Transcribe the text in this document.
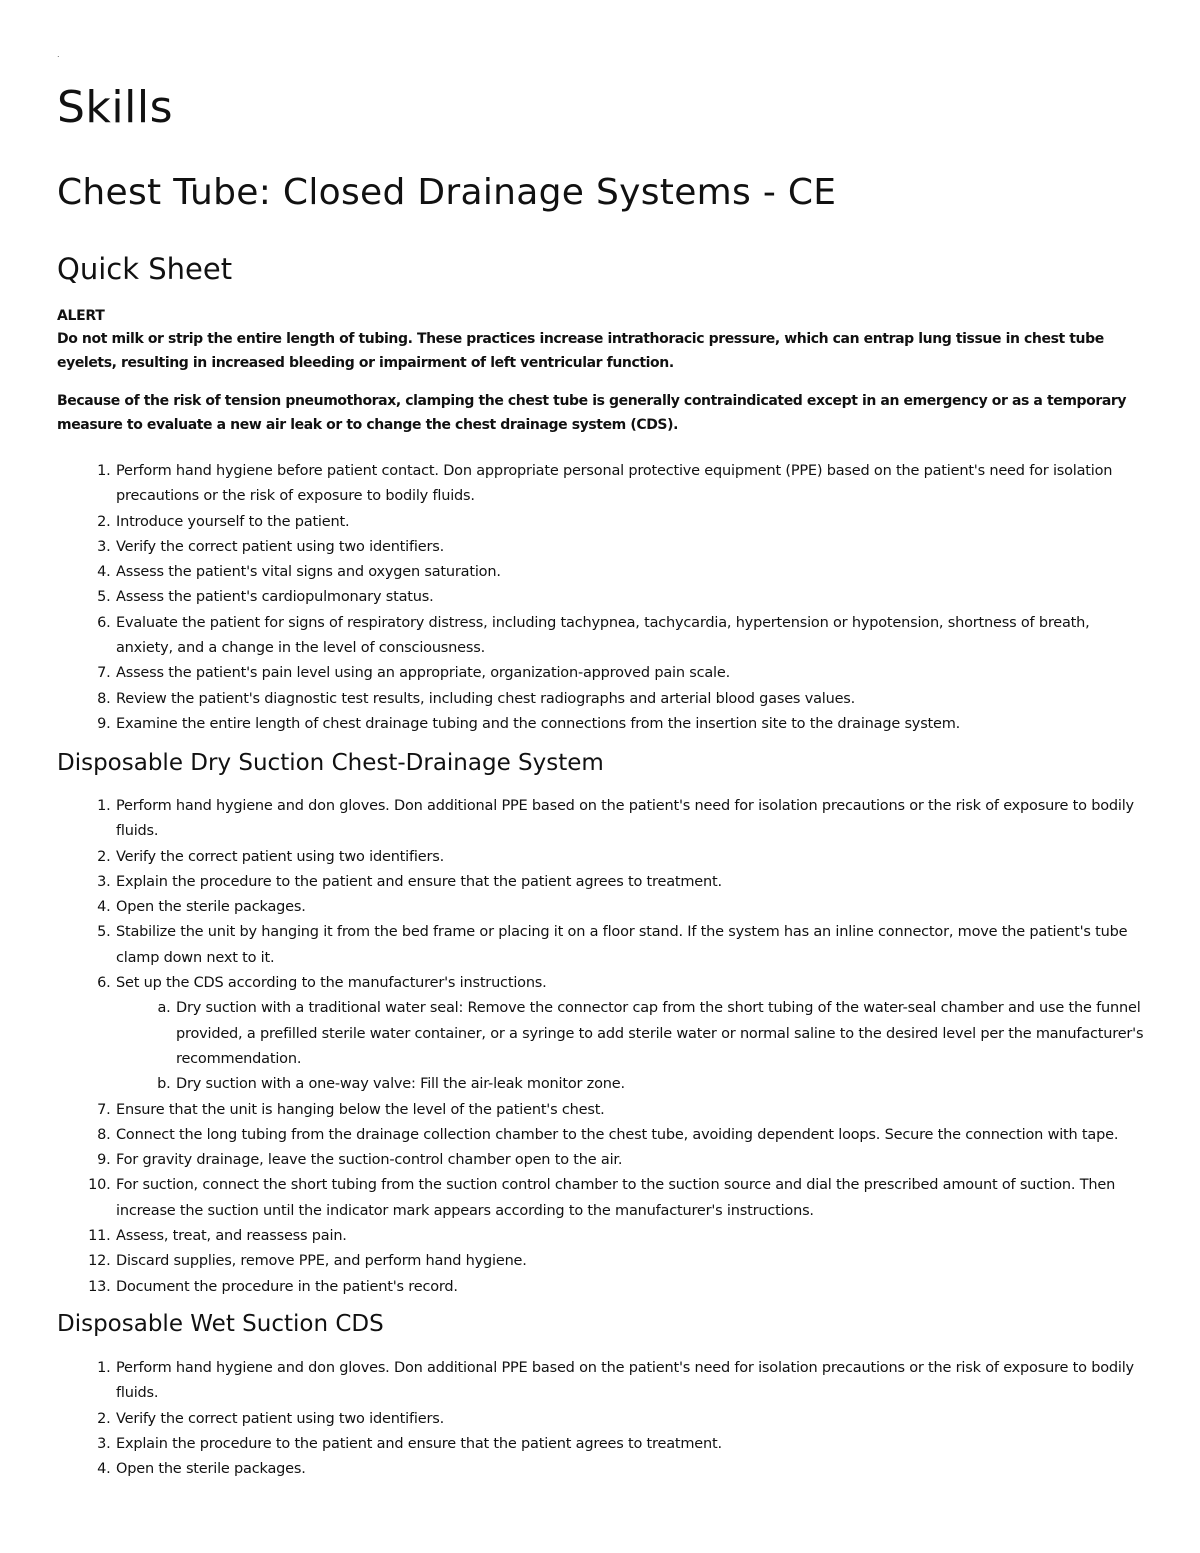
.
Skills
Chest Tube: Closed Drainage Systems - CE
Quick Sheet

ALERT

Do not milk or strip the entire length of tubing. These practices increase intrathoracic pressure, which can entrap lung tissue in chest tube eyelets, resulting in increased bleeding or impairment of left ventricular function.

Because of the risk of tension pneumothorax, clamping the chest tube is generally contraindicated except in an emergency or as a temporary measure to evaluate a new air leak or to change the chest drainage system (CDS).

1. Perform hand hygiene before patient contact. Don appropriate personal protective equipment (PPE) based on the patient's need for isolation precautions or the risk of exposure to bodily fluids.
2. Introduce yourself to the patient.
3. Verify the correct patient using two identifiers.
4. Assess the patient's vital signs and oxygen saturation.
5. Assess the patient's cardiopulmonary status.
6. Evaluate the patient for signs of respiratory distress, including tachypnea, tachycardia, hypertension or hypotension, shortness of breath, anxiety, and a change in the level of consciousness.
7. Assess the patient's pain level using an appropriate, organization-approved pain scale.
8. Review the patient's diagnostic test results, including chest radiographs and arterial blood gases values.
9. Examine the entire length of chest drainage tubing and the connections from the insertion site to the drainage system.
Disposable Dry Suction Chest-Drainage System
1. Perform hand hygiene and don gloves. Don additional PPE based on the patient's need for isolation precautions or the risk of exposure to bodily fluids.
2. Verify the correct patient using two identifiers.
3. Explain the procedure to the patient and ensure that the patient agrees to treatment.
4. Open the sterile packages.
5. Stabilize the unit by hanging it from the bed frame or placing it on a floor stand. If the system has an inline connector, move the patient's tube clamp down next to it.
6. Set up the CDS according to the manufacturer's instructions.
a. Dry suction with a traditional water seal: Remove the connector cap from the short tubing of the water-seal chamber and use the funnel provided, a prefilled sterile water container, or a syringe to add sterile water or normal saline to the desired level per the manufacturer's recommendation.
b. Dry suction with a one-way valve: Fill the air-leak monitor zone.
7. Ensure that the unit is hanging below the level of the patient's chest.
8. Connect the long tubing from the drainage collection chamber to the chest tube, avoiding dependent loops. Secure the connection with tape.
9. For gravity drainage, leave the suction-control chamber open to the air.
10. For suction, connect the short tubing from the suction control chamber to the suction source and dial the prescribed amount of suction. Then increase the suction until the indicator mark appears according to the manufacturer's instructions.
11. Assess, treat, and reassess pain.
12. Discard supplies, remove PPE, and perform hand hygiene.
13. Document the procedure in the patient's record.
Disposable Wet Suction CDS
1. Perform hand hygiene and don gloves. Don additional PPE based on the patient's need for isolation precautions or the risk of exposure to bodily fluids.
2. Verify the correct patient using two identifiers.
3. Explain the procedure to the patient and ensure that the patient agrees to treatment.
4. Open the sterile packages.
